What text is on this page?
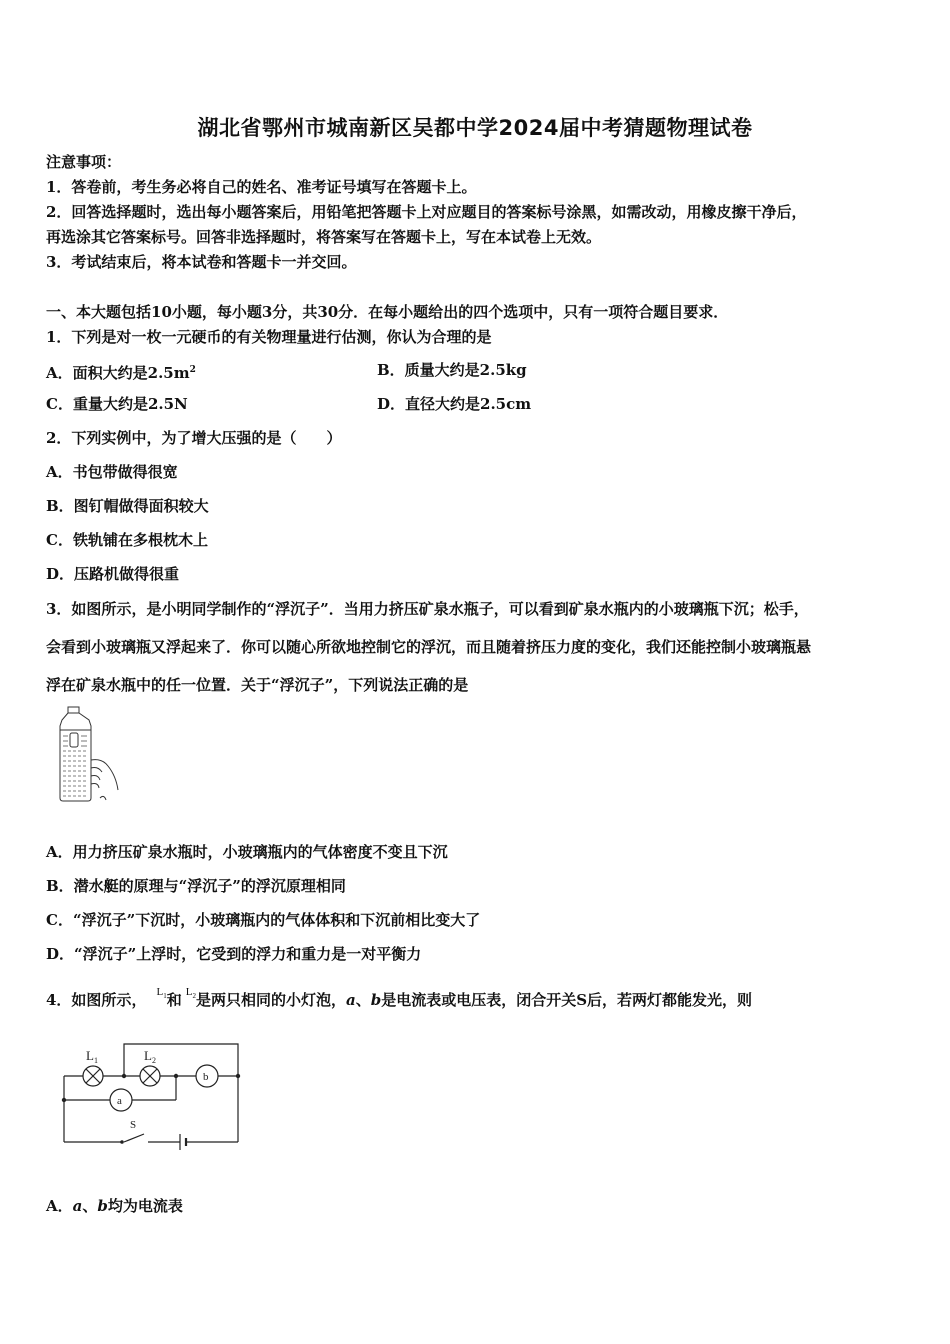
湖北省鄂州市城南新区吴都中学2024届中考猜题物理试卷
注意事项：
1．答卷前，考生务必将自己的姓名、准考证号填写在答题卡上。
2．回答选择题时，选出每小题答案后，用铅笔把答题卡上对应题目的答案标号涂黑，如需改动，用橡皮擦干净后，
再选涂其它答案标号。回答非选择题时，将答案写在答题卡上，写在本试卷上无效。
3．考试结束后，将本试卷和答题卡一并交回。
一、本大题包括10小题，每小题3分，共30分．在每小题给出的四个选项中，只有一项符合题目要求．
1．下列是对一枚一元硬币的有关物理量进行估测，你认为合理的是
A．面积大约是$2.5m^2$	B．质量大约是2.5kg
C．重量大约是2.5N	D．直径大约是2.5cm
2．下列实例中，为了增大压强的是（　　）
A．书包带做得很宽
B．图钉帽做得面积较大
C．铁轨铺在多根枕木上
D．压路机做得很重
3．如图所示，是小明同学制作的“浮沉子”．当用力挤压矿泉水瓶子，可以看到矿泉水瓶内的小玻璃瓶下沉；松手，
会看到小玻璃瓶又浮起来了．你可以随心所欲地控制它的浮沉，而且随着挤压力度的变化，我们还能控制小玻璃瓶悬
浮在矿泉水瓶中的任一位置．关于“浮沉子”，下列说法正确的是
A．用力挤压矿泉水瓶时，小玻璃瓶内的气体密度不变且下沉
B．潜水艇的原理与“浮沉子”的浮沉原理相同
C．“浮沉子”下沉时，小玻璃瓶内的气体体积和下沉前相比变大了
D．“浮沉子”上浮时，它受到的浮力和重力是一对平衡力
4．如图所示， $^{L_1}$和 $^{L_2}$是两只相同的小灯泡，a、b是电流表或电压表，闭合开关S后，若两灯都能发光，则
$L_1$	$L_2$
b
a
S
A．a、b均为电流表
